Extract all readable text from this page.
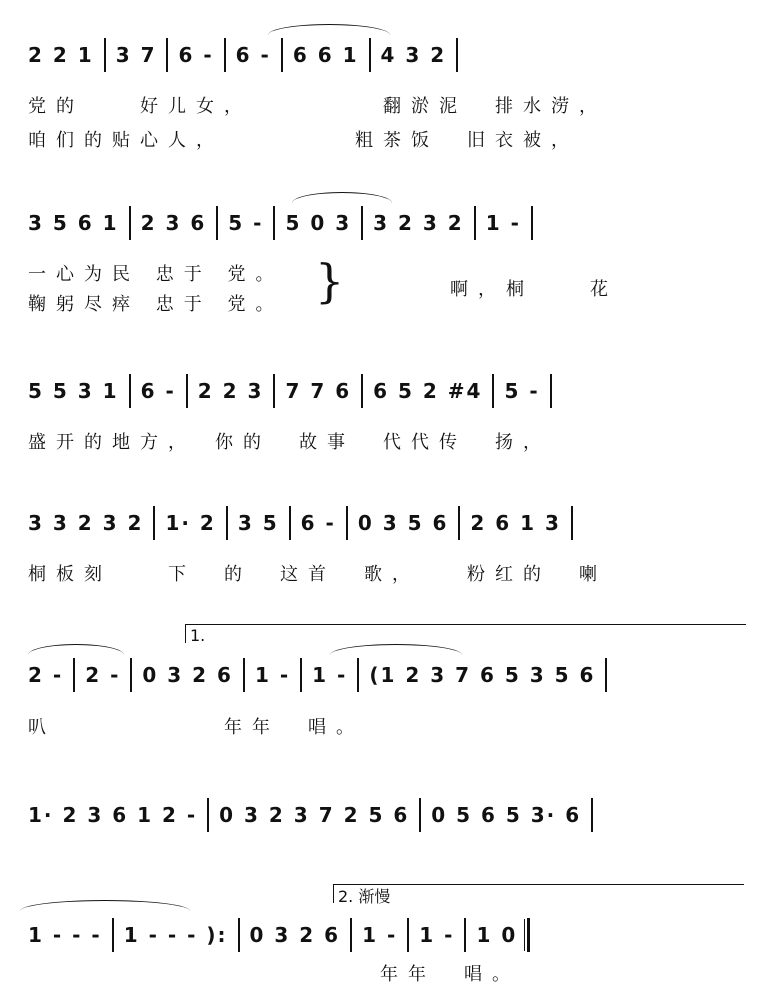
2 2 1 3 7 6 - 6 - 6 6 1 4 3 2
党的　　好儿女，　　　　　翻淤泥　排水涝，
咱们的贴心人，　　　　　粗茶饭　旧衣被，
3 5 6 1 2 3 6 5 - 5 0 3 3 2 3 2 1 -
一心为民 忠于 党。
鞠躬尽瘁 忠于 党。 }	啊，桐　　花
5 5 3 1 6 - 2 2 3 7 7 6 6 5 2 #4 5 -
盛开的地方，　你的　故事　代代传　扬，
3 3 2 3 2 1· 2 3 5 6 - 0 3 5 6 2 6 1 3
桐板刻　　下　的　这首　歌，　　粉红的　喇
1.
2 - 2 - 0 3 2 6 1 - 1 - (1 2 3 7 6 5 3 5 6
叭　　　　　　年年　唱。
1· 2 3 6 1 2 - 0 3 2 3 7 2 5 6 0 5 6 5 3· 6
2. 渐慢
1 - - - 1 - - - ): 0 3 2 6 1 - 1 - 1 0
年年　唱。
